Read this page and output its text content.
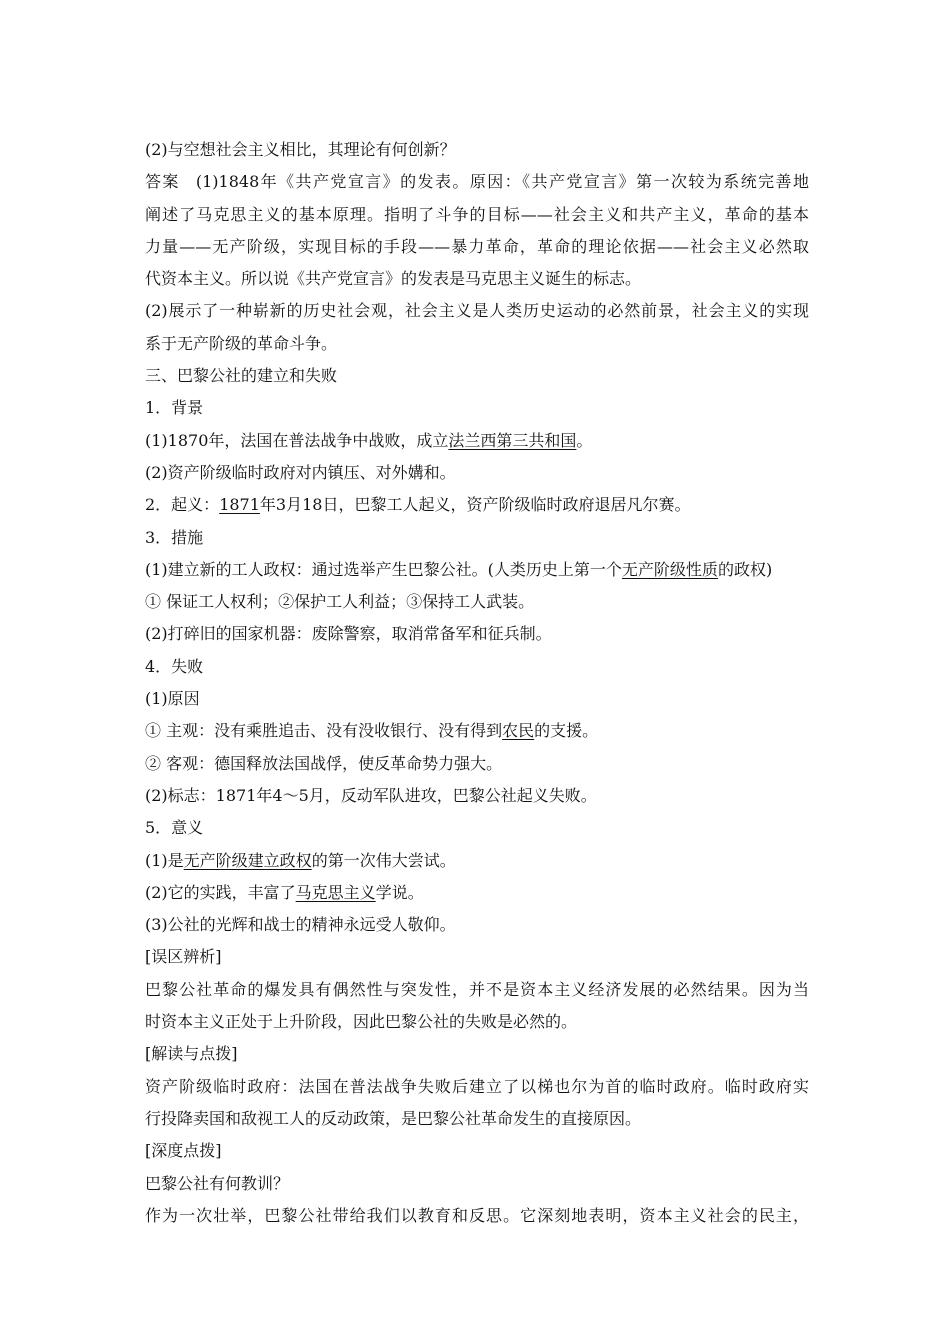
(2)与空想社会主义相比，其理论有何创新？
答案 (1)1848年《共产党宣言》的发表。原因：《共产党宣言》第一次较为系统完善地
阐述了马克思主义的基本原理。指明了斗争的目标——社会主义和共产主义，革命的基本
力量——无产阶级，实现目标的手段——暴力革命，革命的理论依据——社会主义必然取
代资本主义。所以说《共产党宣言》的发表是马克思主义诞生的标志。
(2)展示了一种崭新的历史社会观，社会主义是人类历史运动的必然前景，社会主义的实现
系于无产阶级的革命斗争。
三、巴黎公社的建立和失败
1．背景
(1)1870年，法国在普法战争中战败，成立法兰西第三共和国。
(2)资产阶级临时政府对内镇压、对外媾和。
2．起义：1871年3月18日，巴黎工人起义，资产阶级临时政府退居凡尔赛。
3．措施
(1)建立新的工人政权：通过选举产生巴黎公社。(人类历史上第一个无产阶级性质的政权)
① 保证工人权利；②保护工人利益；③保持工人武装。
(2)打碎旧的国家机器：废除警察，取消常备军和征兵制。
4．失败
(1)原因
① 主观：没有乘胜追击、没有没收银行、没有得到农民的支援。
② 客观：德国释放法国战俘，使反革命势力强大。
(2)标志：1871年4～5月，反动军队进攻，巴黎公社起义失败。
5．意义
(1)是无产阶级建立政权的第一次伟大尝试。
(2)它的实践，丰富了马克思主义学说。
(3)公社的光辉和战士的精神永远受人敬仰。
[误区辨析]
巴黎公社革命的爆发具有偶然性与突发性，并不是资本主义经济发展的必然结果。因为当
时资本主义正处于上升阶段，因此巴黎公社的失败是必然的。
[解读与点拨]
资产阶级临时政府：法国在普法战争失败后建立了以梯也尔为首的临时政府。临时政府实
行投降卖国和敌视工人的反动政策，是巴黎公社革命发生的直接原因。
[深度点拨]
巴黎公社有何教训？
作为一次壮举，巴黎公社带给我们以教育和反思。它深刻地表明，资本主义社会的民主，
